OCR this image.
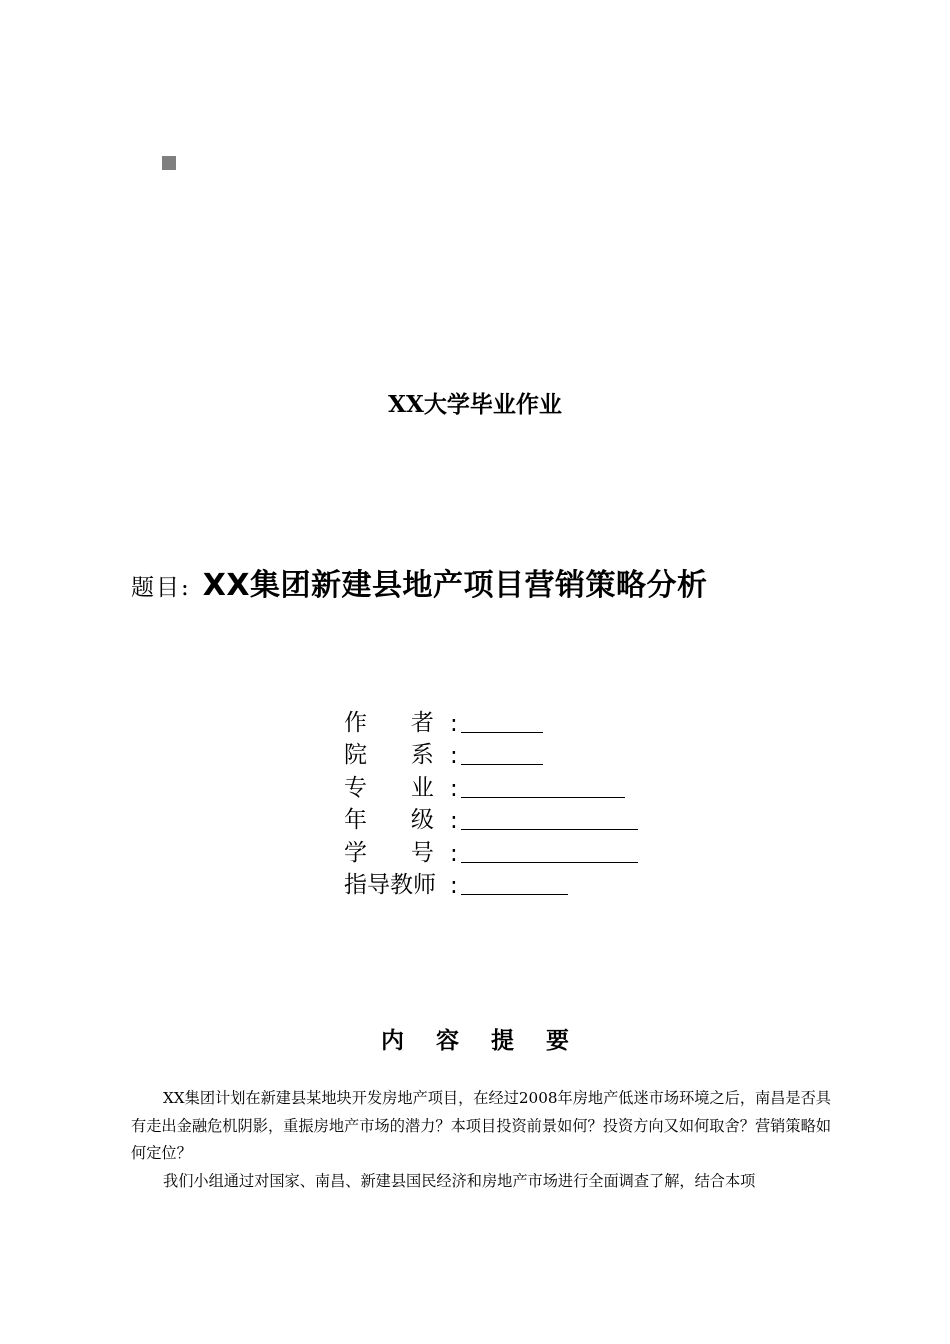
XX大学毕业作业
题目: XX集团新建县地产项目营销策略分析
作      者 :
院      系 :
专      业 :
年      级 :
学      号 :
指导教师 :
内    容    提    要

XX集团计划在新建县某地块开发房地产项目，在经过2008年房地产低迷市场环境之后，南昌是否具有走出金融危机阴影，重振房地产市场的潜力？本项目投资前景如何？投资方向又如何取舍？营销策略如何定位？

我们小组通过对国家、南昌、新建县国民经济和房地产市场进行全面调查了解，结合本项
